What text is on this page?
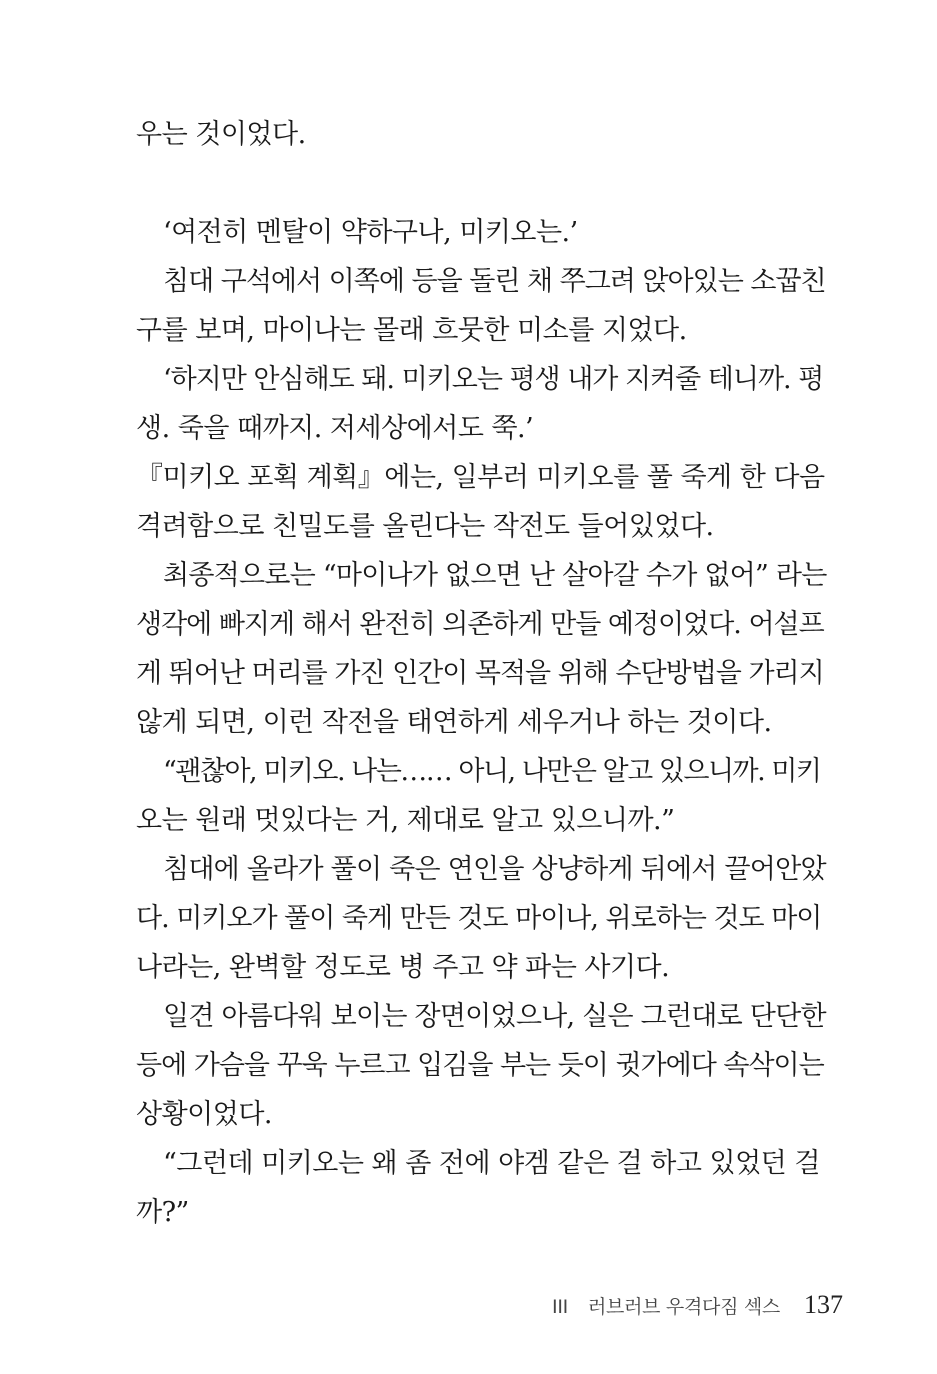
우는 것이었다.
‘여전히 멘탈이 약하구나, 미키오는.’
침대 구석에서 이쪽에 등을 돌린 채 쭈그려 앉아있는 소꿉친
구를 보며, 마이나는 몰래 흐뭇한 미소를 지었다.
‘하지만 안심해도 돼. 미키오는 평생 내가 지켜줄 테니까. 평
생. 죽을 때까지. 저세상에서도 쭉.’
『미키오 포획 계획』에는, 일부러 미키오를 풀 죽게 한 다음
격려함으로 친밀도를 올린다는 작전도 들어있었다.
최종적으로는 “마이나가 없으면 난 살아갈 수가 없어” 라는
생각에 빠지게 해서 완전히 의존하게 만들 예정이었다. 어설프
게 뛰어난 머리를 가진 인간이 목적을 위해 수단방법을 가리지
않게 되면, 이런 작전을 태연하게 세우거나 하는 것이다.
“괜찮아, 미키오. 나는…… 아니, 나만은 알고 있으니까. 미키
오는 원래 멋있다는 거, 제대로 알고 있으니까.”
침대에 올라가 풀이 죽은 연인을 상냥하게 뒤에서 끌어안았
다. 미키오가 풀이 죽게 만든 것도 마이나, 위로하는 것도 마이
나라는, 완벽할 정도로 병 주고 약 파는 사기다.
일견 아름다워 보이는 장면이었으나, 실은 그런대로 단단한
등에 가슴을 꾸욱 누르고 입김을 부는 듯이 귓가에다 속삭이는
상황이었다.
“그런데 미키오는 왜 좀 전에 야겜 같은 걸 하고 있었던 걸
까?”
III 러브러브 우격다짐 섹스 137
